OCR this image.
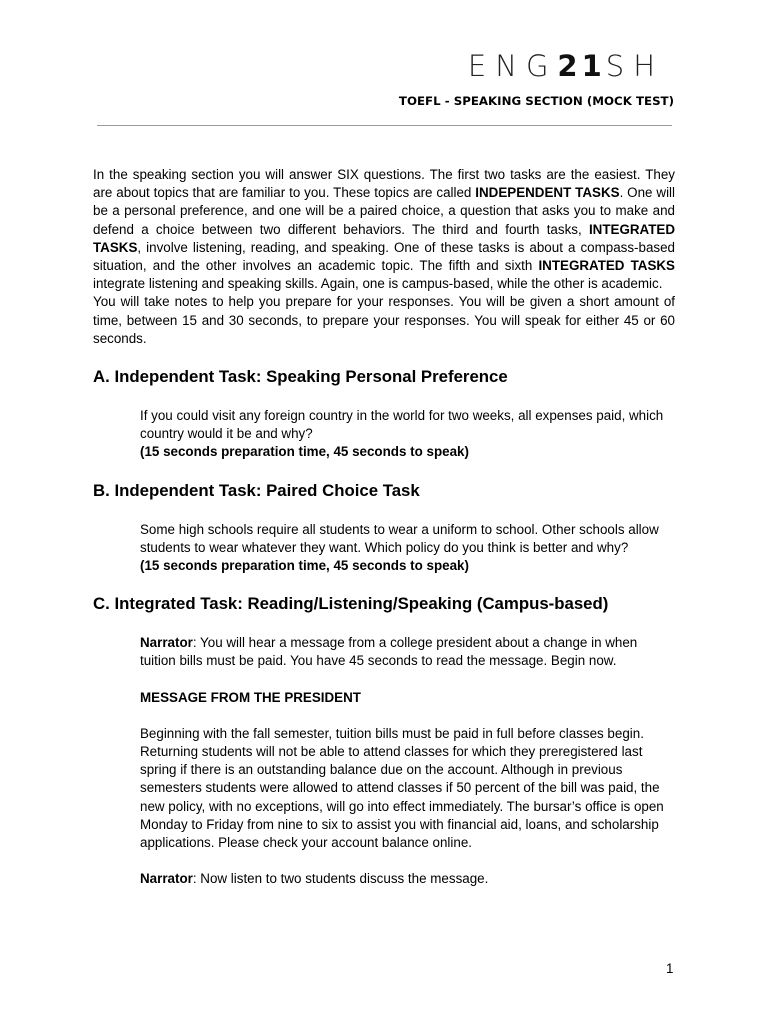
ENG21SH
TOEFL - SPEAKING SECTION (MOCK TEST)

In the speaking section you will answer SIX questions. The first two tasks are the easiest. They are about topics that are familiar to you. These topics are called INDEPENDENT TASKS. One will be a personal preference, and one will be a paired choice, a question that asks you to make and defend a choice between two different behaviors. The third and fourth tasks, INTEGRATED TASKS, involve listening, reading, and speaking. One of these tasks is about a compass-based situation, and the other involves an academic topic. The fifth and sixth INTEGRATED TASKS integrate listening and speaking skills. Again, one is campus-based, while the other is academic.

You will take notes to help you prepare for your responses. You will be given a short amount of time, between 15 and 30 seconds, to prepare your responses. You will speak for either 45 or 60 seconds.

A. Independent Task: Speaking Personal Preference

If you could visit any foreign country in the world for two weeks, all expenses paid, which country would it be and why?

(15 seconds preparation time, 45 seconds to speak)

B. Independent Task: Paired Choice Task

Some high schools require all students to wear a uniform to school. Other schools allow students to wear whatever they want. Which policy do you think is better and why?

(15 seconds preparation time, 45 seconds to speak)

C. Integrated Task: Reading/Listening/Speaking (Campus-based)

Narrator: You will hear a message from a college president about a change in when tuition bills must be paid. You have 45 seconds to read the message. Begin now.

MESSAGE FROM THE PRESIDENT

Beginning with the fall semester, tuition bills must be paid in full before classes begin. Returning students will not be able to attend classes for which they preregistered last spring if there is an outstanding balance due on the account. Although in previous semesters students were allowed to attend classes if 50 percent of the bill was paid, the new policy, with no exceptions, will go into effect immediately. The bursar’s office is open Monday to Friday from nine to six to assist you with financial aid, loans, and scholarship applications. Please check your account balance online.

Narrator: Now listen to two students discuss the message.

1
